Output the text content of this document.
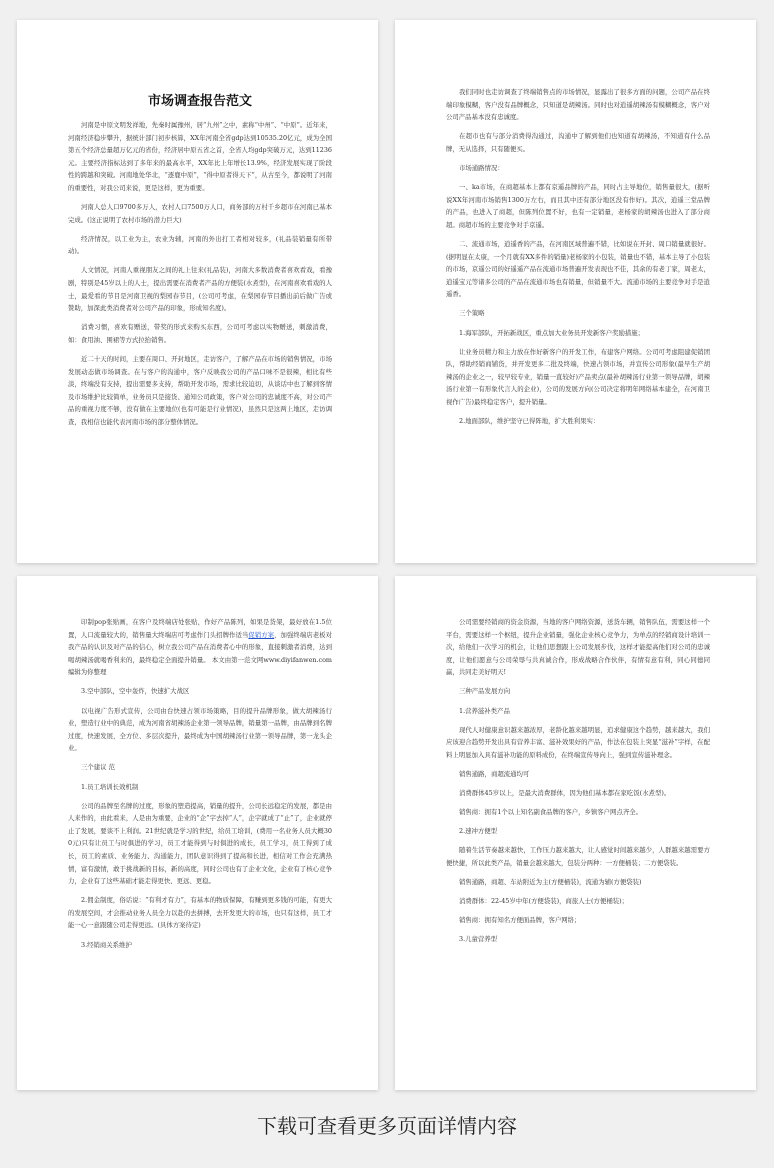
市场调查报告范文

河南是中原文明发祥地，先秦时属豫州，居“九州”之中，素称“中州”、“中原”。近年来，河南经济稳步攀升，据统计部门初步核算，XX年河南全省gdp达到10535.20亿元，成为全国第五个经济总量超万亿元的省份，经济居中原五省之首，全省人均gdp突破万元，达到11236元。主要经济指标达到了多年来的最高水平，XX年比上年增长13.9%，经济发展实现了阶段性的跨越和突破。河南地处华北，“逐鹿中原”，“得中原者得天下”，从古至今，都说明了河南的重要性，对我公司来说，更是这样，更为重要。

河南人总人口9700多万人，农村人口7500万人口，商务部的万村千乡超市在河南已基本完成。(这正说明了农村市场的潜力巨大)

经济情况，以工业为主，农业为辅，河南的外出打工者相对较多，(礼品装销量有所带动)。

人文情况，河南人重视朋友之间的礼上往来(礼品装)，河南大多数消费者喜欢看戏，看豫剧，特别是45岁以上的人士，提出需要在消费者产品的方便装(水煮型)，在河南喜欢看戏的人士，最爱看的节目是河南卫视的梨园春节目，(公司可考虑，在梨园春节目播出前后做广告或赞助，加深此类消费者对公司产品的印象，形成知名度)。

消费习惯，喜欢有赠送，带奖的形式来购买东西，公司可考虑以实物赠送，刺激消费，如：食用油、围裙等方式拉抬销售。

近二十天的时间，主要在周口、开封地区，走访客户，了解产品在市场的销售情况，市场发展动态做市场调查。在与客户的沟通中，客户反映我公司的产品口味不是很辣，相比有些淡，终端没有支持，提出需要多支持，帮助开发市场，需求比较迫切，从谈话中也了解到客情及市场维护比较简单，业务员只是接货、通知公司政策，客户对公司的忠诚度不高，对公司产品的重视力度不够，没有做在主要地位(也有可能是行业情况)，虽然只是这两上地区，走访调查，我相信也能代表河南市场的部分整体情况。

我们同时也走访调查了终端销售点的市场情况，显露出了很多方面的问题，公司产品在终端印象模糊，客户没有品牌概念，只知道是胡辣汤。同时也对逍遥胡辣汤有模糊概念，客户对公司产品基本没有忠诚度。

在超市也有与部分消费得沟通过，沟通中了解到他们也知道有胡辣汤，不知道有什么品牌，无从选择，只有随便买。

市场通路情况：

一、ka市场，在商超基本上都有京遥品牌的产品，同时占主导地位，销售量很大，(据听说XX年河南市场销售1300万左右，而且其中还有部分地区没有作好)。其次，逍遥三堂品牌的产品，也进入了商超，但陈列位置不好，也有一定销量，老杨家的胡辣汤也进入了部分商超。商超市场的主要竞争对手京遥。

二、流通市场，逍遥香的产品，在河南区域普遍不错，比如说在开封、周口销量就很好。(据明显在太康，一个月就有XX多件的销量)老杨家的小包装，销量也不错，基本主导了小包装的市场，京遥公司的好遥遥产品在流通市场普遍开发表现也不佳，其余的有老丁家，周老太，逍遥宝元等诸多公司的产品在流通市场也有销量，但销量不大。流通市场的主要竞争对手是逍遥香。

三个策略

1.海军部队，开拓新战区，重点加大业务员开发新客户奖励措施；

让业务员精力和主力放在作好新客户的开发工作，布建客户网络。公司可考虑阻建促销团队，帮助经销商铺货，并开发更多二批及终端，快速占领市场，并宣传公司形象(最早生产胡辣汤的企业之一，较早较专业，销量一直较好)产品卖点(最补胡辣汤行业第一领导品牌，胡辣汤行业第一有形象代言人的企业)，公司的发展方向(公司决定将明年网络基本建全，在河南卫视作广告)最终稳定客户，提升销量。

2.地面部队，维护坚守已得阵地，扩大胜利果实：

印制pop张贴画，在客户及终端店处张贴，作好产品陈列，如果是货架，最好放在1.5位置，人口流量较大的，销售量大终端店可考虑作门头招牌作适当促销方案，加强终端店老板对我产品的认识及对产品的信心，树立我公司产品在消费者心中的形象，直接刺激者消费，达到喝胡辣汤就喝香利来的，最终稳定全面提升销量。 本文由第一范文网www.diyifanwen.com编辑为你整理

3.空中部队，空中轰炸，快速扩大战区

以电视广告形式宣传，公司由台快速占领市场策略，目的提升品牌形象，做大胡辣汤行业，塑造行业中的典范，成为河南省胡辣汤企业第一领导品牌，销量第一品牌，由品牌到名牌过度，快速发展，全方位、多层次提升，最终成为中国胡辣汤行业第一领导品牌，第一龙头企业。

三个建议 范

1.员工培训长效机制

公司的品牌至名牌的过度，形象的塑造提高，销量的提升，公司长远稳定的发展，都是由人来作的，由此看来，人是由为重要，企业的“企”字去掉“人”，企字就成了“止”了，企业就停止了发展，要谈不上利润。21世纪就是学习的世纪，给员工培训，(费用一名业务人员大概300元)只有让员工与时俱进的学习，员工才能得到与时俱进的成长，员工学习，员工得到了成长，员工的素质、业务能力、沟通能力，团队意识得到了提高和长进，相信对工作会充满热情，富有激情，敢于挑战新的目标，新的高度，同时公司也有了企业文化，企业有了核心竞争力，企业有了这些基础才能走得更快、更远、更稳。

2.佣金制度，俗话说：“有利才有力”，有基本的物质保障，有赚到更多钱的可能，有更大的发展空间，才会推动业务人员全力以赴的去拼搏，去开发更大的市场，也只有这样，员工才能一心一意跟随公司走得更远。(具体方案待定)

3.经销商关系维护

公司需要经销商的资金资源，当地的客户网络资源，送货车辆，销售队伍，需要这样一个平台，需要这样一个枢纽，提升企业销量，强化企业核心竞争力，为单点的经销商设计培训一次，给他们一次学习的机会，让他们思想跟上公司发展步伐，这样才能提高他们对公司的忠诚度，让他们愿意与公司荣辱与共真诚合作，形成战略合作伙伴，有情有意有利，同心同德同赢，共同走美好明天!

三种产品发展方向

1.营养滋补类产品

现代人对健康意识越来越浓厚，老龄化越来越明显，追求健康这个趋势，越来越大，我们应该迎合趋势开发出具有营养丰富、滋补效果好的产品，作法在包装上突显“滋补”字样，在配料上明显加入具有滋补功能的原料成份，在终端宣传导向上，强到宣传滋补理念。

销售通路，商超流通均可

消费群体45岁以上，是最大消费群体，因为他们基本都在家吃饭(水煮型)。

销售商：拥有1个以上知名副食品牌的客户，乡镇客户网点齐全。

2.速冲方便型

随着生活节奏越来越快，工作压力越来越大，让人感觉时间越来越少，人群越来越需要方便快捷，所以此类产品，销量会越来越大，包装分两种：一方便桶装；二方便袋装。

销售通路，商超、车站附近为主(方便桶装)，流通为辅(方便袋装)

消费群体：22-45岁中年(方便袋装)，商旅人士(方便桶装)；

销售商：拥有知名方便面品牌，客户网络；

3.儿童营养型

下载可查看更多页面详情内容
